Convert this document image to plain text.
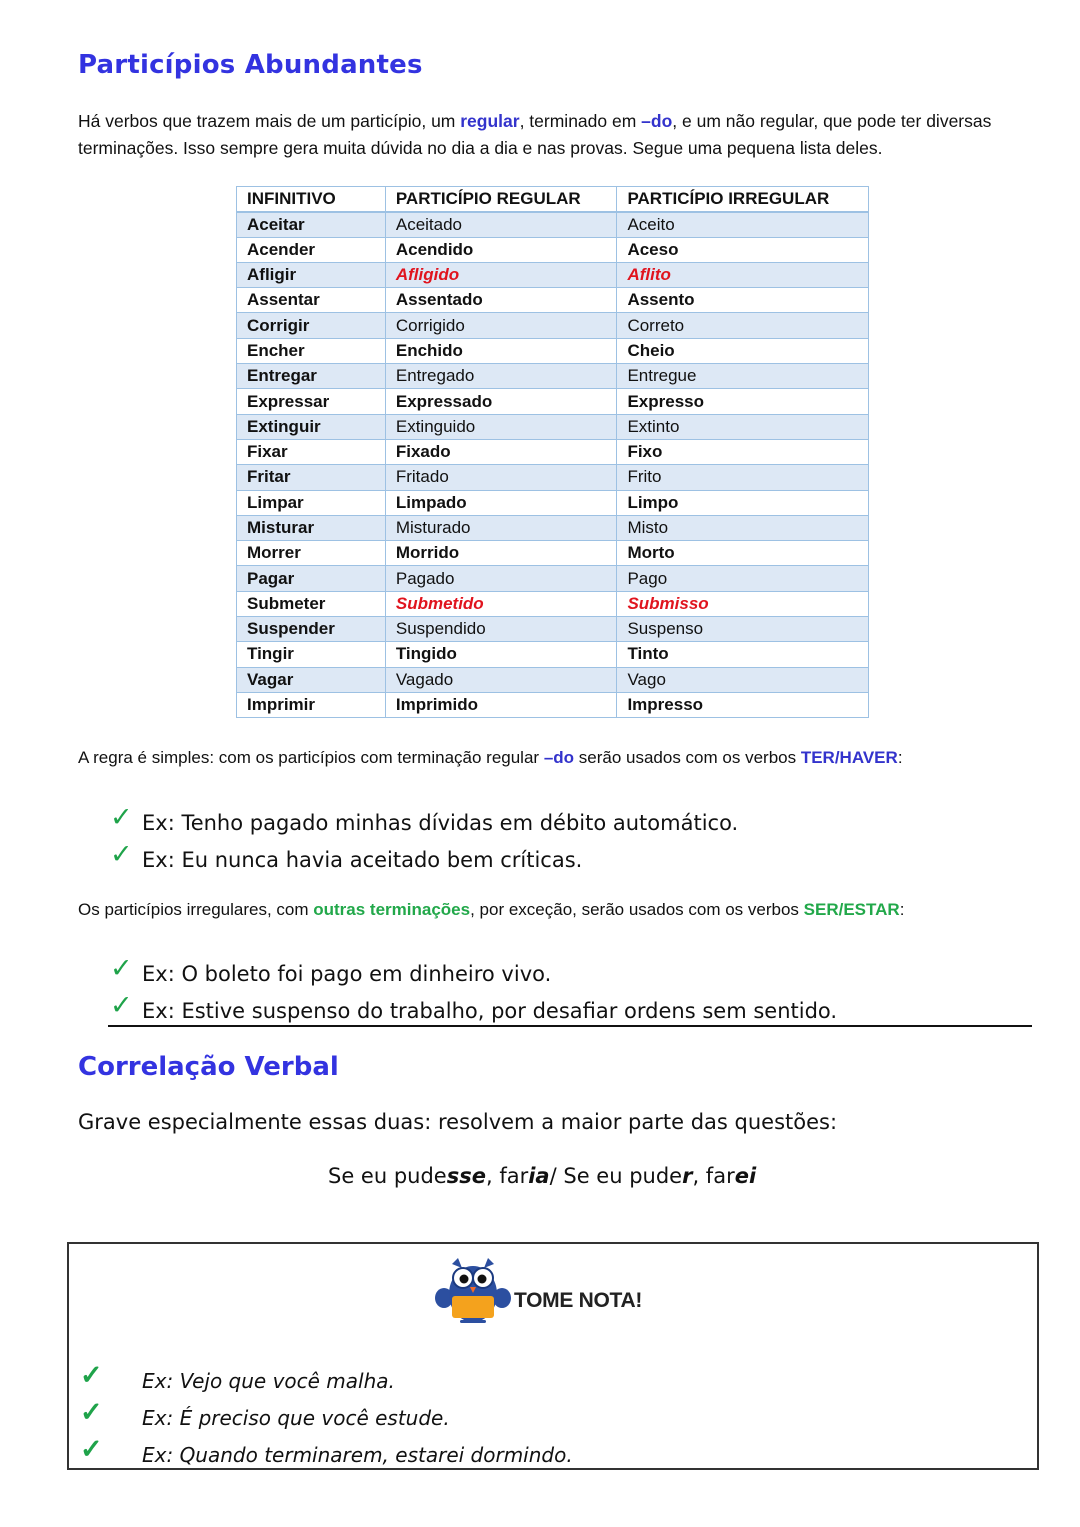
Particípios Abundantes

Há verbos que trazem mais de um particípio, um regular, terminado em –do, e um não regular, que pode ter diversas terminações. Isso sempre gera muita dúvida no dia a dia e nas provas. Segue uma pequena lista deles.

INFINITIVO	PARTICÍPIO REGULAR	PARTICÍPIO IRREGULAR
Aceitar	Aceitado	Aceito
Acender	Acendido	Aceso
Afligir	Afligido	Aflito
Assentar	Assentado	Assento
Corrigir	Corrigido	Correto
Encher	Enchido	Cheio
Entregar	Entregado	Entregue
Expressar	Expressado	Expresso
Extinguir	Extinguido	Extinto
Fixar	Fixado	Fixo
Fritar	Fritado	Frito
Limpar	Limpado	Limpo
Misturar	Misturado	Misto
Morrer	Morrido	Morto
Pagar	Pagado	Pago
Submeter	Submetido	Submisso
Suspender	Suspendido	Suspenso
Tingir	Tingido	Tinto
Vagar	Vagado	Vago
Imprimir	Imprimido	Impresso
A regra é simples: com os particípios com terminação regular –do serão usados com os verbos TER/HAVER:
✓ Ex: Tenho pagado minhas dívidas em débito automático.
✓ Ex: Eu nunca havia aceitado bem críticas.
Os particípios irregulares, com outras terminações, por exceção, serão usados com os verbos SER/ESTAR:
✓ Ex: O boleto foi pago em dinheiro vivo.
✓ Ex: Estive suspenso do trabalho, por desafiar ordens sem sentido.
Correlação Verbal
Grave especialmente essas duas: resolvem a maior parte das questões:
Se eu pudesse, faria/ Se eu puder, farei
TOME NOTA!
✓ Ex: Vejo que você malha.
✓ Ex: É preciso que você estude.
✓ Ex: Quando terminarem, estarei dormindo.
